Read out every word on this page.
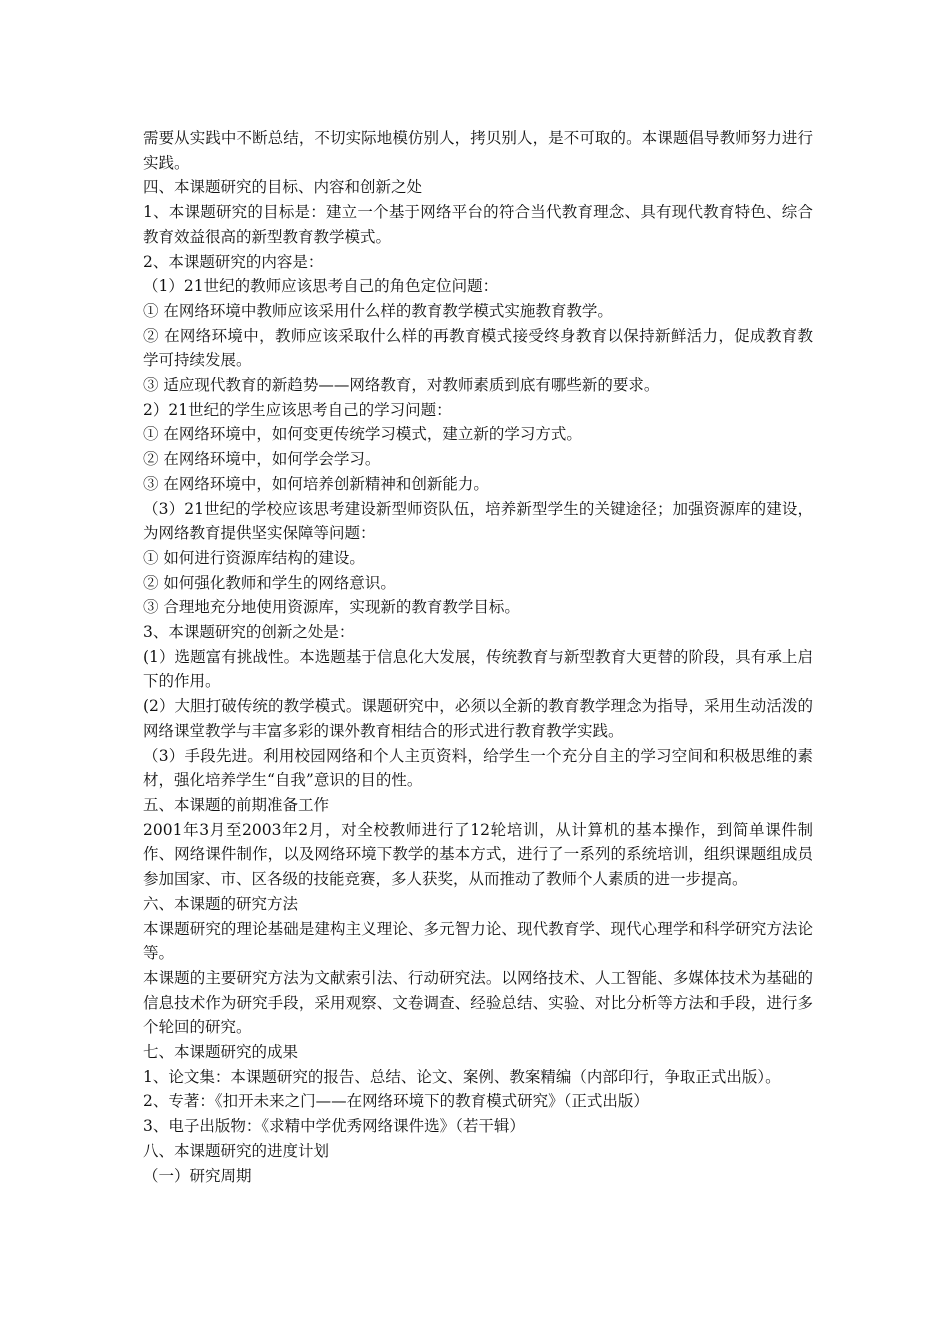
需要从实践中不断总结，不切实际地模仿别人，拷贝别人，是不可取的。本课题倡导教师努力进行实践。

四、本课题研究的目标、内容和创新之处

1、本课题研究的目标是：建立一个基于网络平台的符合当代教育理念、具有现代教育特色、综合教育效益很高的新型教育教学模式。

2、本课题研究的内容是：

（1）21世纪的教师应该思考自己的角色定位问题：

① 在网络环境中教师应该采用什么样的教育教学模式实施教育教学。

② 在网络环境中，教师应该采取什么样的再教育模式接受终身教育以保持新鲜活力，促成教育教学可持续发展。

③ 适应现代教育的新趋势——网络教育，对教师素质到底有哪些新的要求。

2）21世纪的学生应该思考自己的学习问题：

① 在网络环境中，如何变更传统学习模式，建立新的学习方式。

② 在网络环境中，如何学会学习。

③ 在网络环境中，如何培养创新精神和创新能力。

（3）21世纪的学校应该思考建设新型师资队伍，培养新型学生的关键途径；加强资源库的建设，为网络教育提供坚实保障等问题：

① 如何进行资源库结构的建设。

② 如何强化教师和学生的网络意识。

③ 合理地充分地使用资源库，实现新的教育教学目标。

3、本课题研究的创新之处是：

(1）选题富有挑战性。本选题基于信息化大发展，传统教育与新型教育大更替的阶段，具有承上启下的作用。

(2）大胆打破传统的教学模式。课题研究中，必须以全新的教育教学理念为指导，采用生动活泼的网络课堂教学与丰富多彩的课外教育相结合的形式进行教育教学实践。

（3）手段先进。利用校园网络和个人主页资料，给学生一个充分自主的学习空间和积极思维的素材，强化培养学生“自我”意识的目的性。

五、本课题的前期准备工作

2001年3月至2003年2月，对全校教师进行了12轮培训，从计算机的基本操作，到简单课件制作、网络课件制作，以及网络环境下教学的基本方式，进行了一系列的系统培训，组织课题组成员参加国家、市、区各级的技能竞赛，多人获奖，从而推动了教师个人素质的进一步提高。

六、本课题的研究方法

本课题研究的理论基础是建构主义理论、多元智力论、现代教育学、现代心理学和科学研究方法论等。

本课题的主要研究方法为文献索引法、行动研究法。以网络技术、人工智能、多媒体技术为基础的信息技术作为研究手段，采用观察、文卷调查、经验总结、实验、对比分析等方法和手段，进行多个轮回的研究。

七、本课题研究的成果

1、论文集：本课题研究的报告、总结、论文、案例、教案精编（内部印行，争取正式出版）。

2、专著：《扣开未来之门——在网络环境下的教育模式研究》（正式出版）

3、电子出版物：《求精中学优秀网络课件选》（若干辑）

八、本课题研究的进度计划

（一）研究周期
